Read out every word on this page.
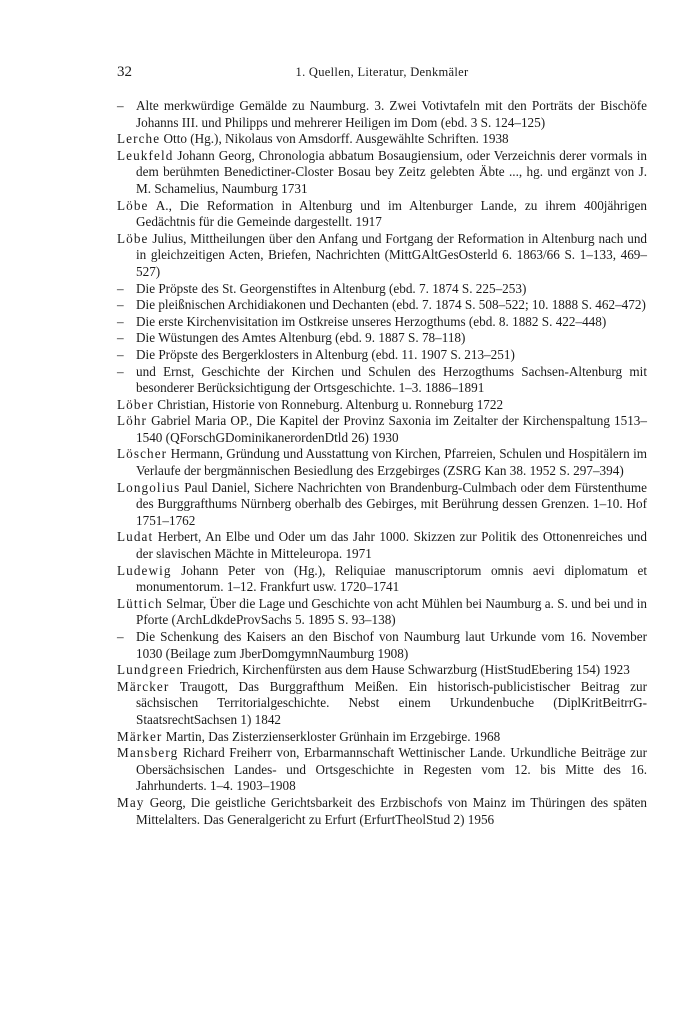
32	1. Quellen, Literatur, Denkmäler
– Alte merkwürdige Gemälde zu Naumburg. 3. Zwei Votivtafeln mit den Porträts der Bischöfe Johanns III. und Philipps und mehrerer Heiligen im Dom (ebd. 3 S. 124–125)
Lerche Otto (Hg.), Nikolaus von Amsdorff. Ausgewählte Schriften. 1938
Leukfeld Johann Georg, Chronologia abbatum Bosaugiensium, oder Verzeichnis derer vormals in dem berühmten Benedictiner-Closter Bosau bey Zeitz gelebten Äbte ..., hg. und ergänzt von J. M. Schamelius, Naumburg 1731
Löbe A., Die Reformation in Altenburg und im Altenburger Lande, zu ihrem 400jährigen Gedächtnis für die Gemeinde dargestellt. 1917
Löbe Julius, Mittheilungen über den Anfang und Fortgang der Reformation in Altenburg nach und in gleichzeitigen Acten, Briefen, Nachrichten (MittGAltGesOsterld 6. 1863/66 S. 1–133, 469–527)
– Die Pröpste des St. Georgenstiftes in Altenburg (ebd. 7. 1874 S. 225–253)
– Die pleißnischen Archidiakonen und Dechanten (ebd. 7. 1874 S. 508–522; 10. 1888 S. 462–472)
– Die erste Kirchenvisitation im Ostkreise unseres Herzogthums (ebd. 8. 1882 S. 422–448)
– Die Wüstungen des Amtes Altenburg (ebd. 9. 1887 S. 78–118)
– Die Pröpste des Bergerklosters in Altenburg (ebd. 11. 1907 S. 213–251)
– und Ernst, Geschichte der Kirchen und Schulen des Herzogthums Sachsen-Altenburg mit besonderer Berücksichtigung der Ortsgeschichte. 1–3. 1886–1891
Löber Christian, Historie von Ronneburg. Altenburg u. Ronneburg 1722
Löhr Gabriel Maria OP., Die Kapitel der Provinz Saxonia im Zeitalter der Kirchenspaltung 1513–1540 (QForschGDominikanerordenDtld 26) 1930
Löscher Hermann, Gründung und Ausstattung von Kirchen, Pfarreien, Schulen und Hospitälern im Verlaufe der bergmännischen Besiedlung des Erzgebirges (ZSRG Kan 38. 1952 S. 297–394)
Longolius Paul Daniel, Sichere Nachrichten von Brandenburg-Culmbach oder dem Fürstenthume des Burggrafthums Nürnberg oberhalb des Gebirges, mit Berührung dessen Grenzen. 1–10. Hof 1751–1762
Ludat Herbert, An Elbe und Oder um das Jahr 1000. Skizzen zur Politik des Ottonenreiches und der slavischen Mächte in Mitteleuropa. 1971
Ludewig Johann Peter von (Hg.), Reliquiae manuscriptorum omnis aevi diplomatum et monumentorum. 1–12. Frankfurt usw. 1720–1741
Lüttich Selmar, Über die Lage und Geschichte von acht Mühlen bei Naumburg a. S. und bei und in Pforte (ArchLdkdeProvSachs 5. 1895 S. 93–138)
– Die Schenkung des Kaisers an den Bischof von Naumburg laut Urkunde vom 16. November 1030 (Beilage zum JberDomgymnNaumburg 1908)
Lundgreen Friedrich, Kirchenfürsten aus dem Hause Schwarzburg (HistStudEbering 154) 1923
Märcker Traugott, Das Burggrafthum Meißen. Ein historisch-publicistischer Beitrag zur sächsischen Territorialgeschichte. Nebst einem Urkundenbuche (DiplKritBeitrrG-StaatsrechtSachsen 1) 1842
Märker Martin, Das Zisterzienserkloster Grünhain im Erzgebirge. 1968
Mansberg Richard Freiherr von, Erbarmannschaft Wettinischer Lande. Urkundliche Beiträge zur Obersächsischen Landes- und Ortsgeschichte in Regesten vom 12. bis Mitte des 16. Jahrhunderts. 1–4. 1903–1908
May Georg, Die geistliche Gerichtsbarkeit des Erzbischofs von Mainz im Thüringen des späten Mittelalters. Das Generalgericht zu Erfurt (ErfurtTheolStud 2) 1956
